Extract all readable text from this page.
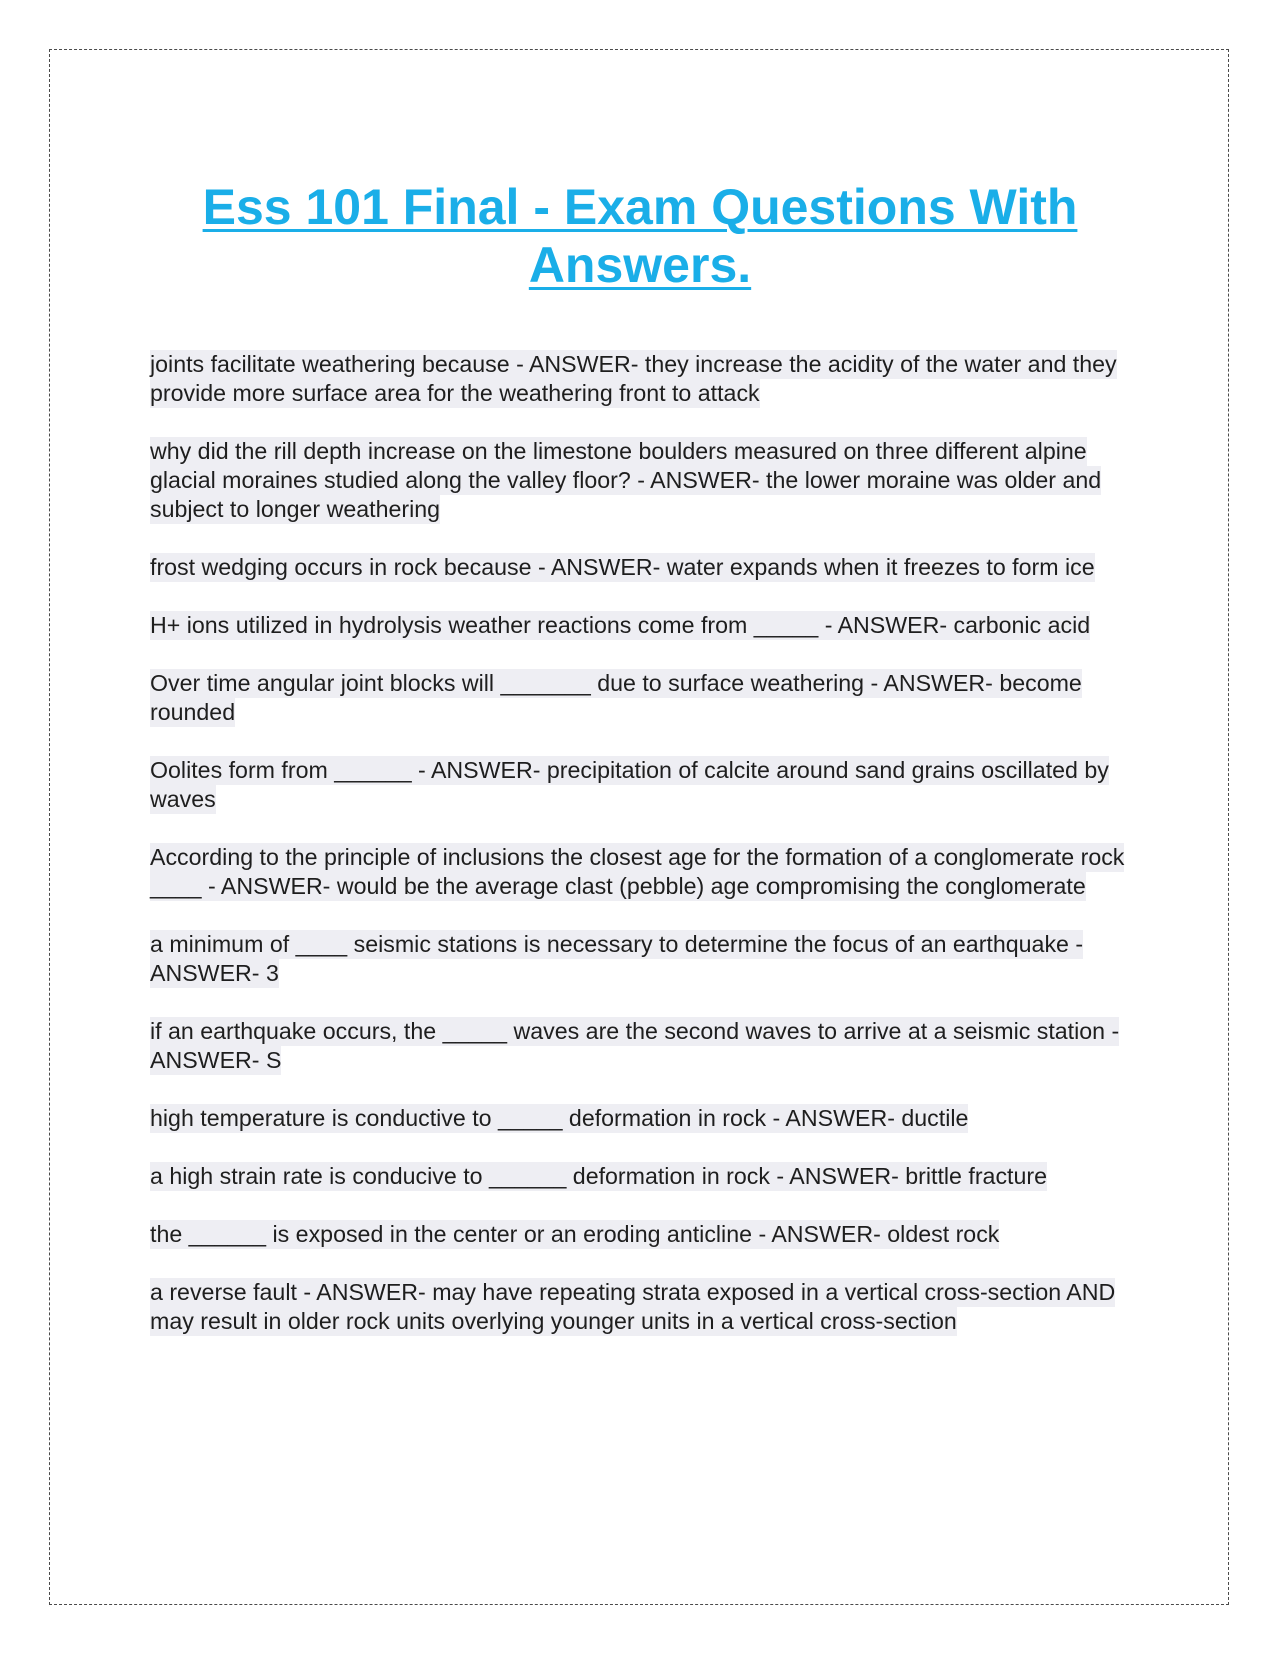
Ess 101 Final - Exam Questions With Answers.

joints facilitate weathering because - ANSWER- they increase the acidity of the water and they provide more surface area for the weathering front to attack

why did the rill depth increase on the limestone boulders measured on three different alpine glacial moraines studied along the valley floor? - ANSWER- the lower moraine was older and subject to longer weathering

frost wedging occurs in rock because - ANSWER- water expands when it freezes to form ice

H+ ions utilized in hydrolysis weather reactions come from _____ - ANSWER- carbonic acid

Over time angular joint blocks will _______ due to surface weathering - ANSWER- become rounded

Oolites form from ______ - ANSWER- precipitation of calcite around sand grains oscillated by waves

According to the principle of inclusions the closest age for the formation of a conglomerate rock ____ - ANSWER- would be the average clast (pebble) age compromising the conglomerate

a minimum of ____ seismic stations is necessary to determine the focus of an earthquake - ANSWER- 3

if an earthquake occurs, the _____ waves are the second waves to arrive at a seismic station - ANSWER- S

high temperature is conductive to _____ deformation in rock - ANSWER- ductile

a high strain rate is conducive to ______ deformation in rock - ANSWER- brittle fracture

the ______ is exposed in the center or an eroding anticline - ANSWER- oldest rock

a reverse fault - ANSWER- may have repeating strata exposed in a vertical cross-section AND may result in older rock units overlying younger units in a vertical cross-section
